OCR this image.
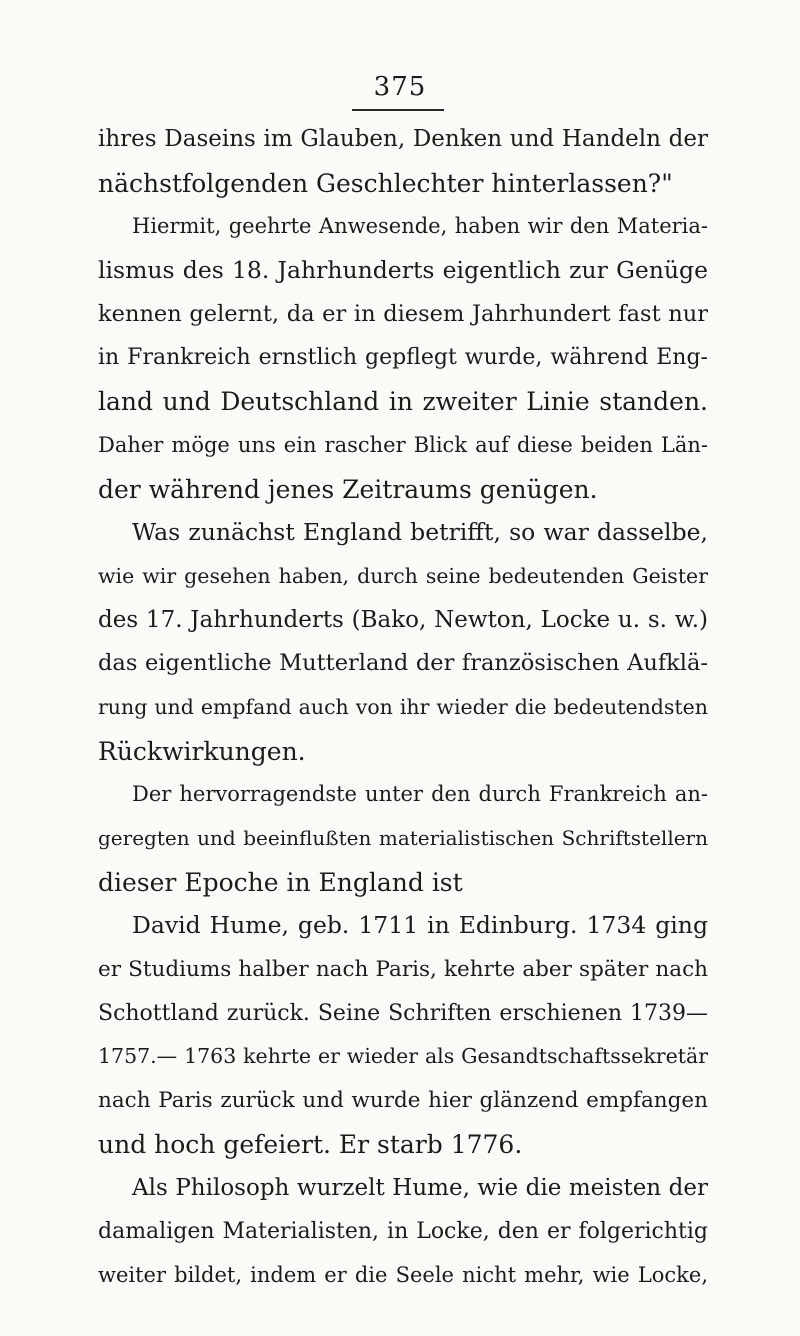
375
ihres Daseins im Glauben, Denken und Handeln der
nächstfolgenden Geschlechter hinterlassen?"
Hiermit, geehrte Anwesende, haben wir den Materia-
lismus des 18. Jahrhunderts eigentlich zur Genüge
kennen gelernt, da er in diesem Jahrhundert fast nur
in Frankreich ernstlich gepflegt wurde, während Eng-
land und Deutschland in zweiter Linie standen.
Daher möge uns ein rascher Blick auf diese beiden Län-
der während jenes Zeitraums genügen.
Was zunächst England betrifft, so war dasselbe,
wie wir gesehen haben, durch seine bedeutenden Geister
des 17. Jahrhunderts (Bako, Newton, Locke u. s. w.)
das eigentliche Mutterland der französischen Aufklä-
rung und empfand auch von ihr wieder die bedeutendsten
Rückwirkungen.
Der hervorragendste unter den durch Frankreich an-
geregten und beeinflußten materialistischen Schriftstellern
dieser Epoche in England ist
David Hume, geb. 1711 in Edinburg. 1734 ging
er Studiums halber nach Paris, kehrte aber später nach
Schottland zurück. Seine Schriften erschienen 1739—
1757.— 1763 kehrte er wieder als Gesandtschaftssekretär
nach Paris zurück und wurde hier glänzend empfangen
und hoch gefeiert. Er starb 1776.
Als Philosoph wurzelt Hume, wie die meisten der
damaligen Materialisten, in Locke, den er folgerichtig
weiter bildet, indem er die Seele nicht mehr, wie Locke,
